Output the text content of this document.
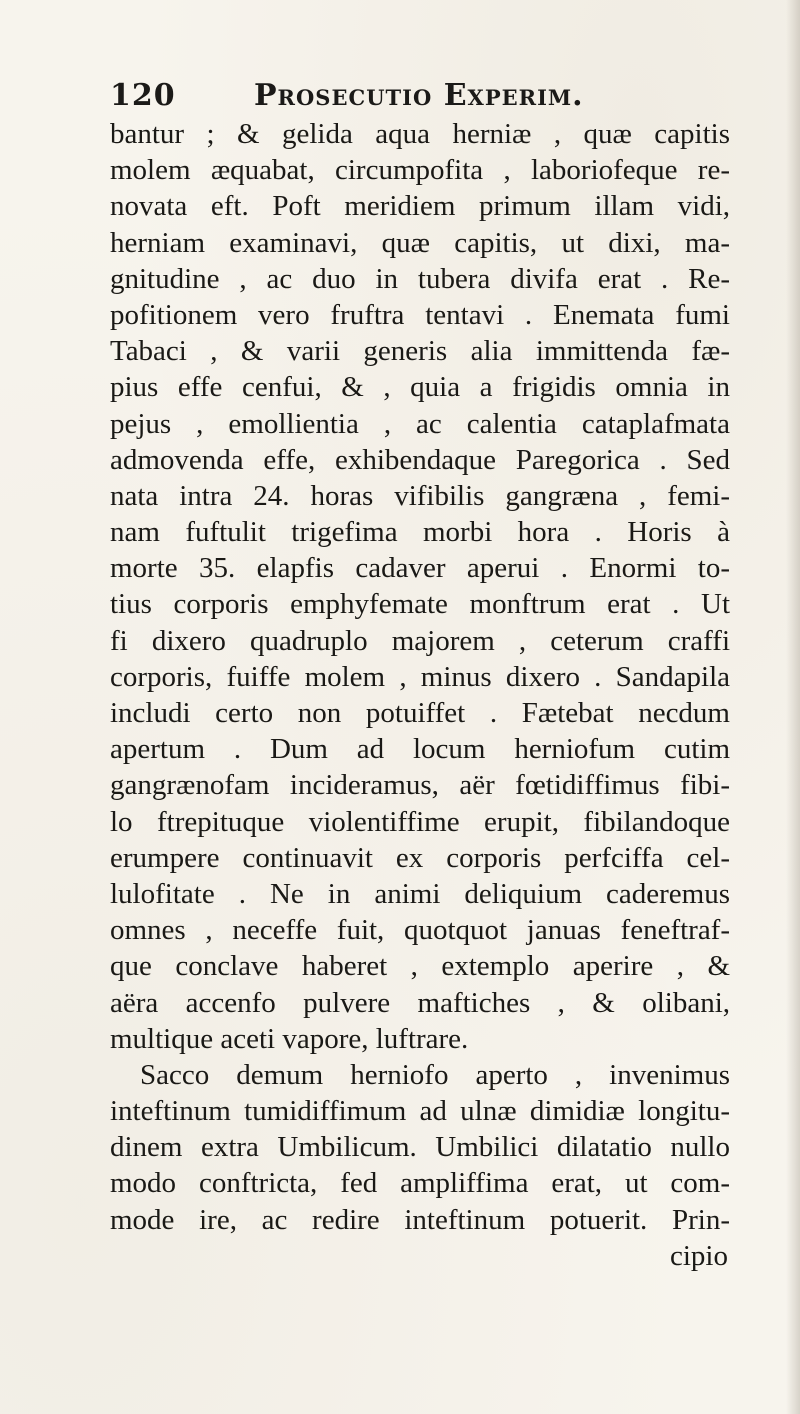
120	Prosecutio Experim.
bantur ; & gelida aqua herniæ , quæ capitis
molem æquabat, circumpofita , laboriofeque re-
novata eft. Poft meridiem primum illam vidi,
herniam examinavi, quæ capitis, ut dixi, ma-
gnitudine , ac duo in tubera divifa erat . Re-
pofitionem vero fruftra tentavi . Enemata fumi
Tabaci , & varii generis alia immittenda fæ-
pius effe cenfui, & , quia a frigidis omnia in
pejus , emollientia , ac calentia cataplafmata
admovenda effe, exhibendaque Paregorica . Sed
nata intra 24. horas vifibilis gangræna , femi-
nam fuftulit trigefima morbi hora . Horis à
morte 35. elapfis cadaver aperui . Enormi to-
tius corporis emphyfemate monftrum erat . Ut
fi dixero quadruplo majorem , ceterum craffi
corporis, fuiffe molem , minus dixero . Sandapila
includi certo non potuiffet . Fætebat necdum
apertum . Dum ad locum herniofum cutim
gangrænofam incideramus, aër fœtidiffimus fibi-
lo ftrepituque violentiffime erupit, fibilandoque
erumpere continuavit ex corporis perfciffa cel-
lulofitate . Ne in animi deliquium caderemus
omnes , neceffe fuit, quotquot januas feneftraf-
que conclave haberet , extemplo aperire , &
aëra accenfo pulvere maftiches , & olibani,
multique aceti vapore, luftrare.
Sacco demum herniofo aperto , invenimus
inteftinum tumidiffimum ad ulnæ dimidiæ longitu-
dinem extra Umbilicum. Umbilici dilatatio nullo
modo conftricta, fed ampliffima erat, ut com-
mode ire, ac redire inteftinum potuerit. Prin-
cipio
